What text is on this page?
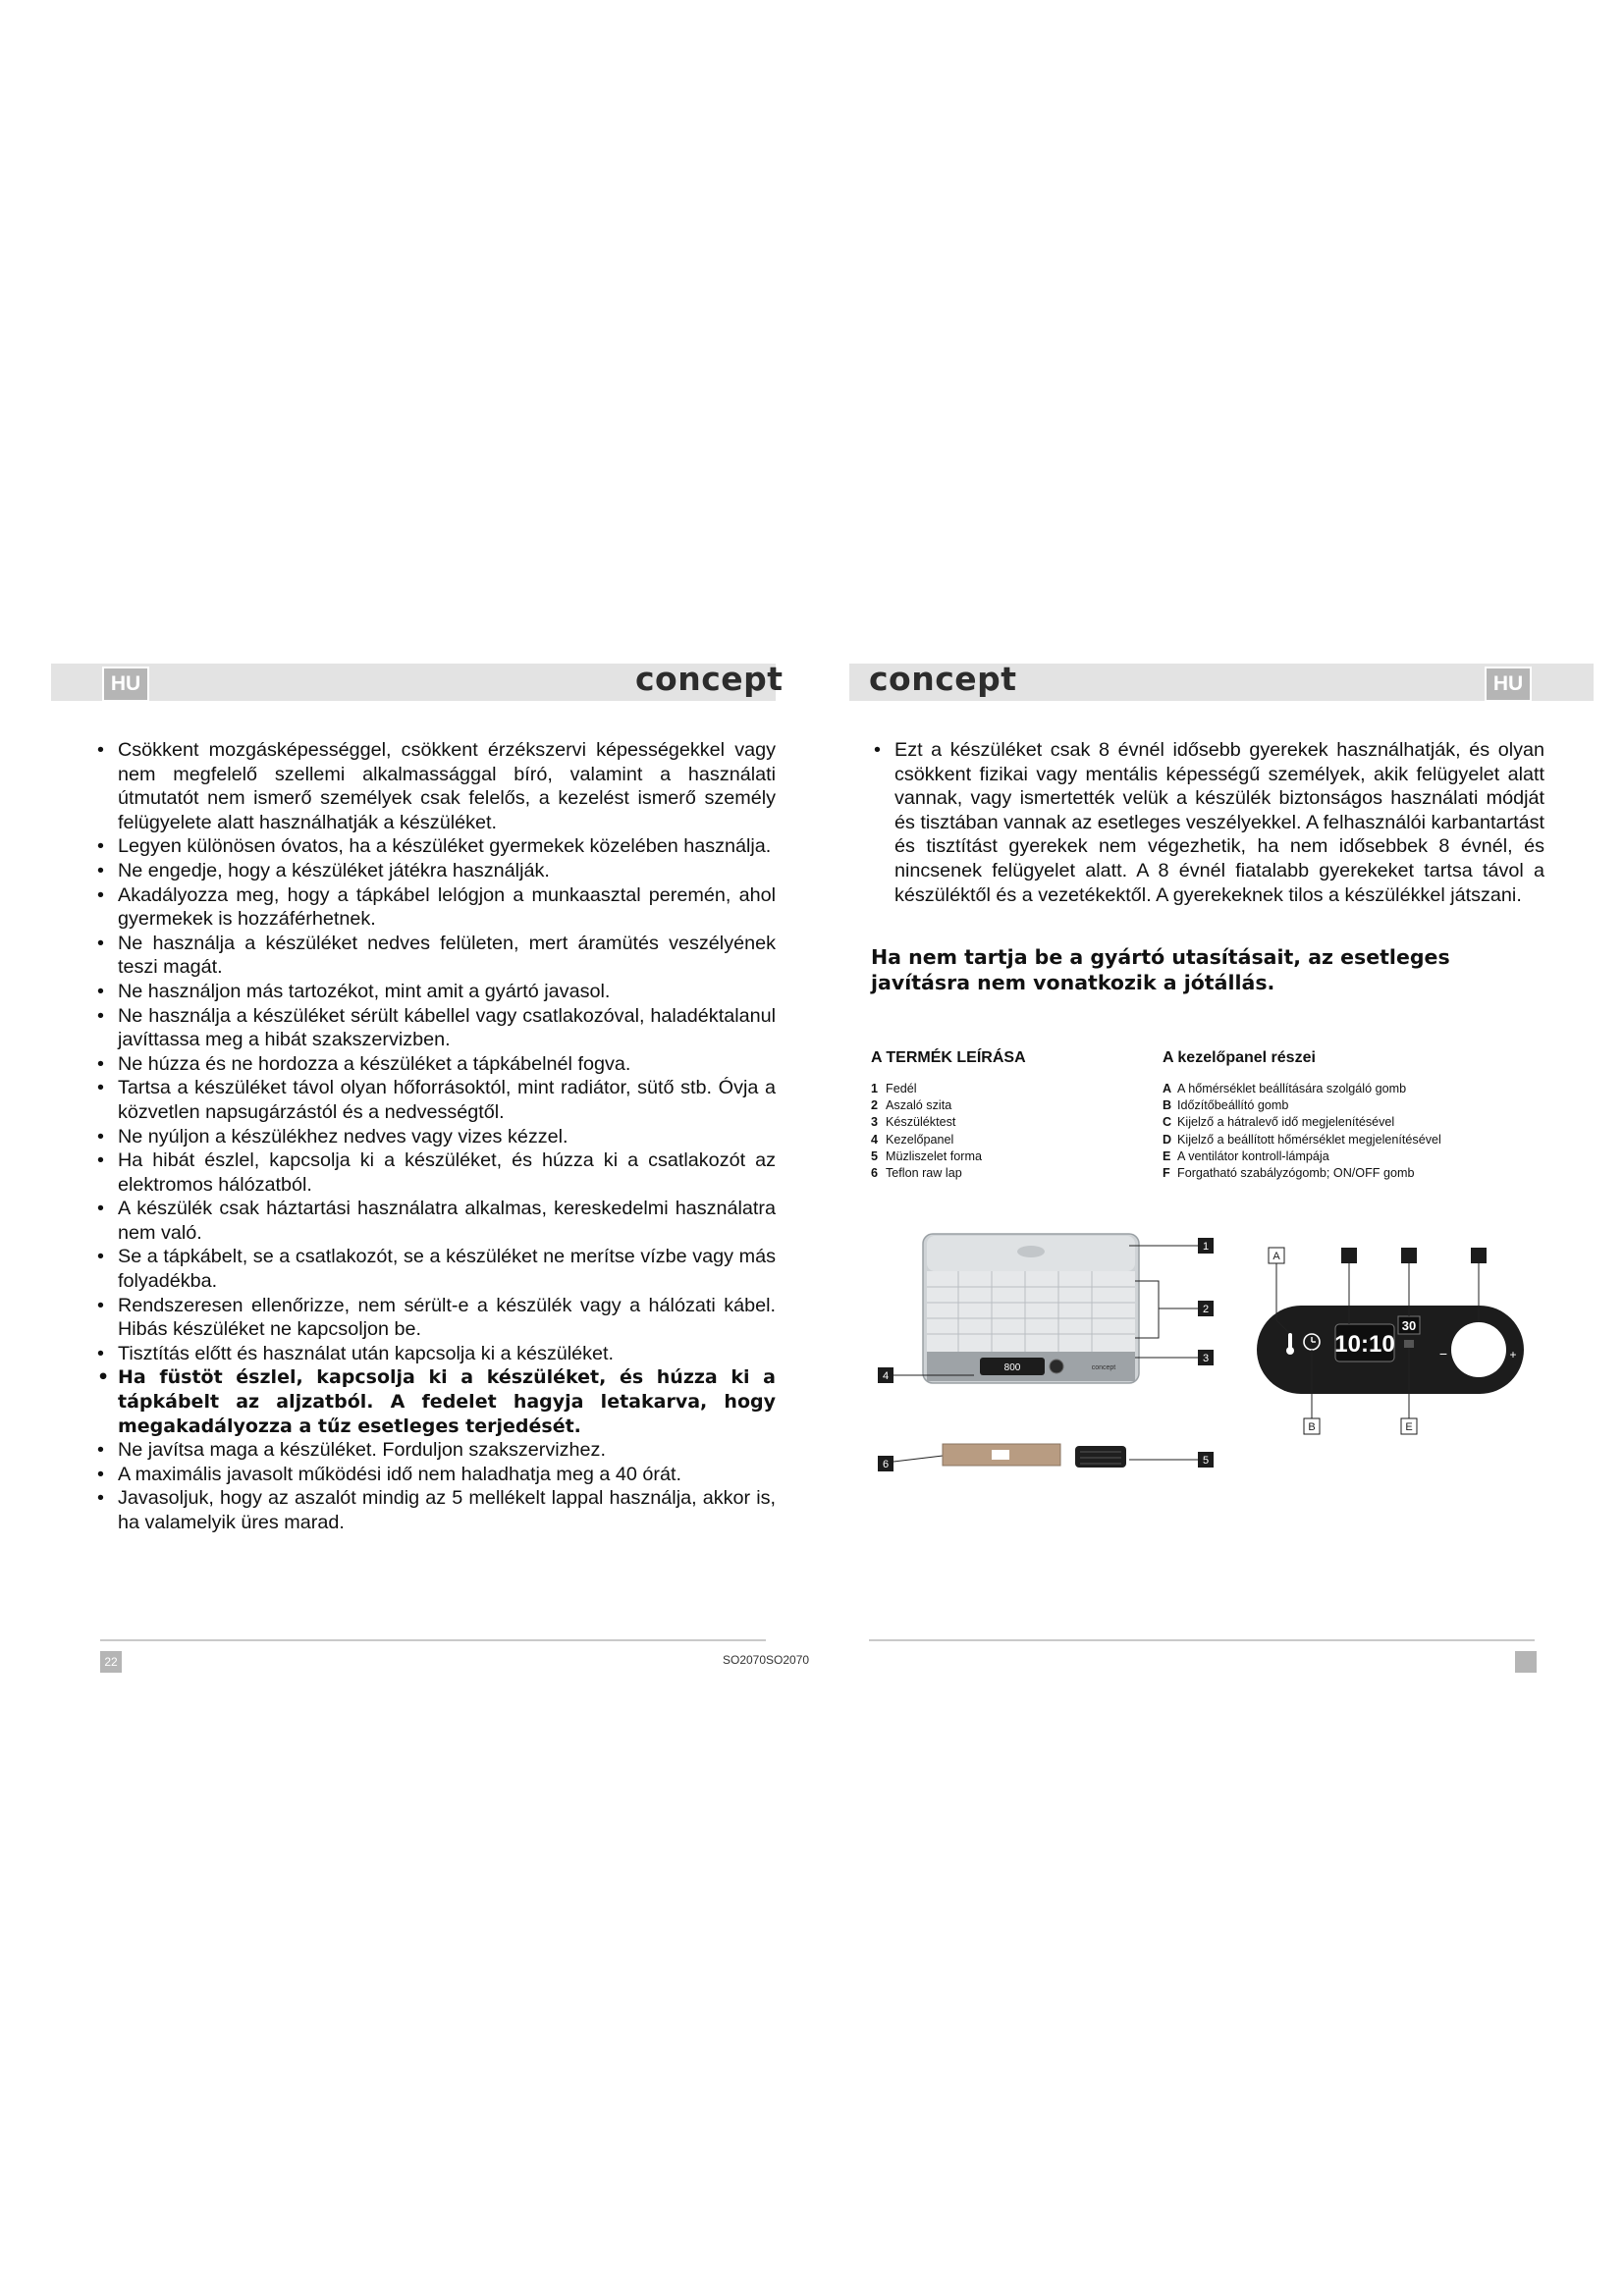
HU	HU
concept	concept
• Csökkent mozgásképességgel, csökkent érzékszervi képességekkel vagy nem megfelelő szellemi alkalmassággal bíró, valamint a használati útmutatót nem ismerő személyek csak felelős, a kezelést ismerő személy felügyelete alatt használhatják a készüléket.
• Legyen különösen óvatos, ha a készüléket gyermekek közelében használja.
• Ne engedje, hogy a készüléket játékra használják.
• Akadályozza meg, hogy a tápkábel lelógjon a munkaasztal peremén, ahol gyermekek is hozzáférhetnek.
• Ne használja a készüléket nedves felületen, mert áramütés veszélyének teszi magát.
• Ne használjon más tartozékot, mint amit a gyártó javasol.
• Ne használja a készüléket sérült kábellel vagy csatlakozóval, haladéktalanul javíttassa meg a hibát szakszervizben.
• Ne húzza és ne hordozza a készüléket a tápkábelnél fogva.
• Tartsa a készüléket távol olyan hőforrásoktól, mint radiátor, sütő stb. Óvja a közvetlen napsugárzástól és a nedvességtől.
• Ne nyúljon a készülékhez nedves vagy vizes kézzel.
• Ha hibát észlel, kapcsolja ki a készüléket, és húzza ki a csatlakozót az elektromos hálózatból.
• A készülék csak háztartási használatra alkalmas, kereskedelmi használatra nem való.
• Se a tápkábelt, se a csatlakozót, se a készüléket ne merítse vízbe vagy más folyadékba.
• Rendszeresen ellenőrizze, nem sérült-e a készülék vagy a hálózati kábel. Hibás készüléket ne kapcsoljon be.
• Tisztítás előtt és használat után kapcsolja ki a készüléket.
• Ha füstöt észlel, kapcsolja ki a készüléket, és húzza ki a tápkábelt az aljzatból. A fedelet hagyja letakarva, hogy megakadályozza a tűz esetleges terjedését.
• Ne javítsa maga a készüléket. Forduljon szakszervizhez.
• A maximális javasolt működési idő nem haladhatja meg a 40 órát.
• Javasoljuk, hogy az aszalót mindig az 5 mellékelt lappal használja, akkor is, ha valamelyik üres marad.
• Ezt a készüléket csak 8 évnél idősebb gyerekek használhatják, és olyan csökkent fizikai vagy mentális képességű személyek, akik felügyelet alatt vannak, vagy ismertették velük a készülék biztonságos használati módját és tisztában vannak az esetleges veszélyekkel. A felhasználói karbantartást és tisztítást gyerekek nem végezhetik, ha nem idősebbek 8 évnél, és nincsenek felügyelet alatt. A 8 évnél fiatalabb gyerekeket tartsa távol a készüléktől és a vezetékektől. A gyerekeknek tilos a készülékkel játszani.
Ha nem tartja be a gyártó utasításait, az esetleges javításra nem vonatkozik a jótállás.
A TERMÉK LEÍRÁSA
1 Fedél
2 Aszaló szita
3 Készüléktest
4 Kezelőpanel
5 Müzliszelet forma
6 Teflon raw lap
A kezelőpanel részei
A A hőmérséklet beállítására szolgáló gomb
B Időzítőbeállító gomb
C Kijelző a hátralevő idő megjelenítésével
D Kijelző a beállított hőmérséklet megjelenítésével
E A ventilátor kontroll-lámpája
F Forgatható szabályzógomb; ON/OFF gomb
800	concept
1
2
3
4
5
6
10:10
30
−	+
A
B	E
22	SO2070SO2070
